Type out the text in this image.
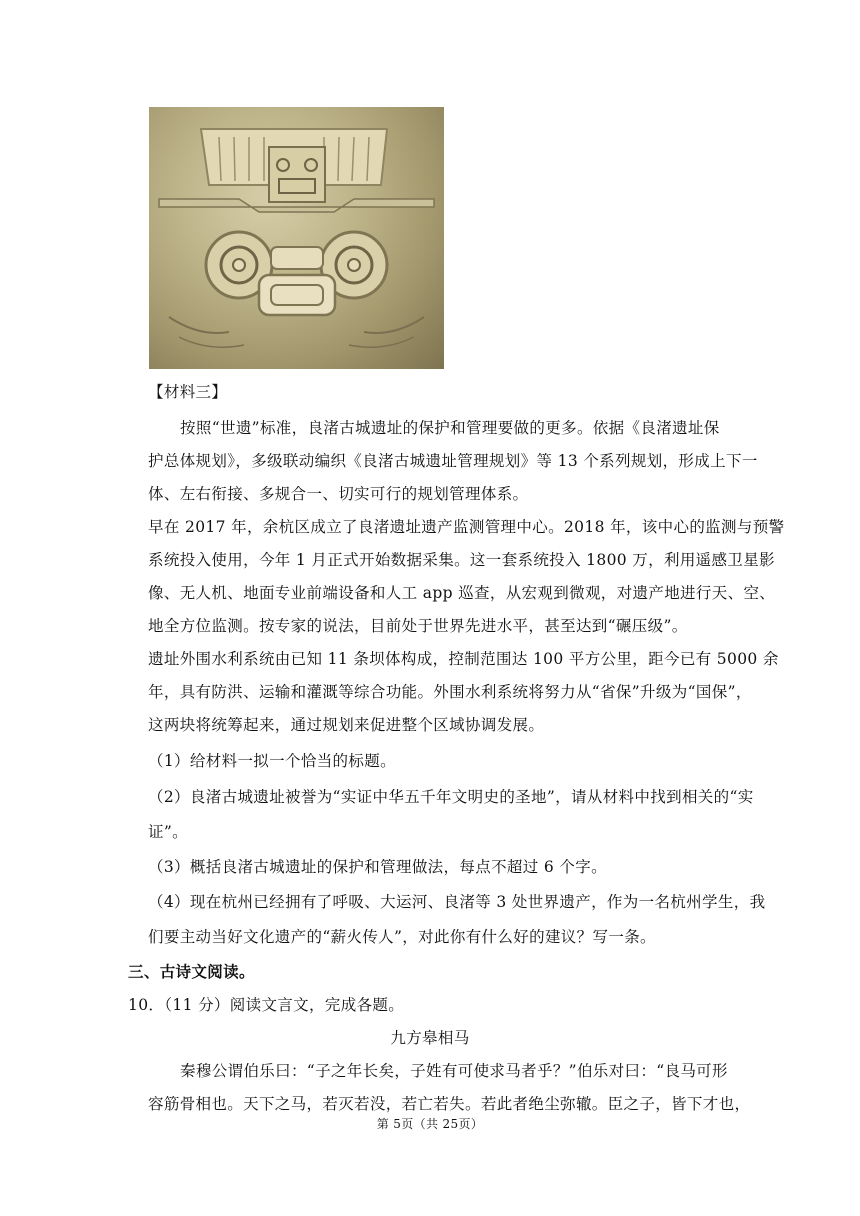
【材料三】
按照“世遗”标准，良渚古城遗址的保护和管理要做的更多。依据《良渚遗址保
护总体规划》，多级联动编织《良渚古城遗址管理规划》等 13 个系列规划，形成上下一
体、左右衔接、多规合一、切实可行的规划管理体系。
早在 2017 年，余杭区成立了良渚遗址遗产监测管理中心。2018 年，该中心的监测与预警
系统投入使用，今年 1 月正式开始数据采集。这一套系统投入 1800 万，利用遥感卫星影
像、无人机、地面专业前端设备和人工 app 巡查，从宏观到微观，对遗产地进行天、空、
地全方位监测。按专家的说法，目前处于世界先进水平，甚至达到“碾压级”。
遗址外围水利系统由已知 11 条坝体构成，控制范围达 100 平方公里，距今已有 5000 余
年，具有防洪、运输和灌溉等综合功能。外围水利系统将努力从“省保”升级为“国保”，
这两块将统筹起来，通过规划来促进整个区域协调发展。
（1）给材料一拟一个恰当的标题。
（2）良渚古城遗址被誉为“实证中华五千年文明史的圣地”，请从材料中找到相关的“实
证”。
（3）概括良渚古城遗址的保护和管理做法，每点不超过 6 个字。
（4）现在杭州已经拥有了呼吸、大运河、良渚等 3 处世界遗产，作为一名杭州学生，我
们要主动当好文化遗产的“薪火传人”，对此你有什么好的建议？写一条。
三、古诗文阅读。
10．（11 分）阅读文言文，完成各题。
九方皋相马
秦穆公谓伯乐曰：“子之年长矣，子姓有可使求马者乎？”伯乐对曰：“良马可形
容筋骨相也。天下之马，若灭若没，若亡若失。若此者绝尘弥辙。臣之子，皆下才也，
第 5页（共 25页）
